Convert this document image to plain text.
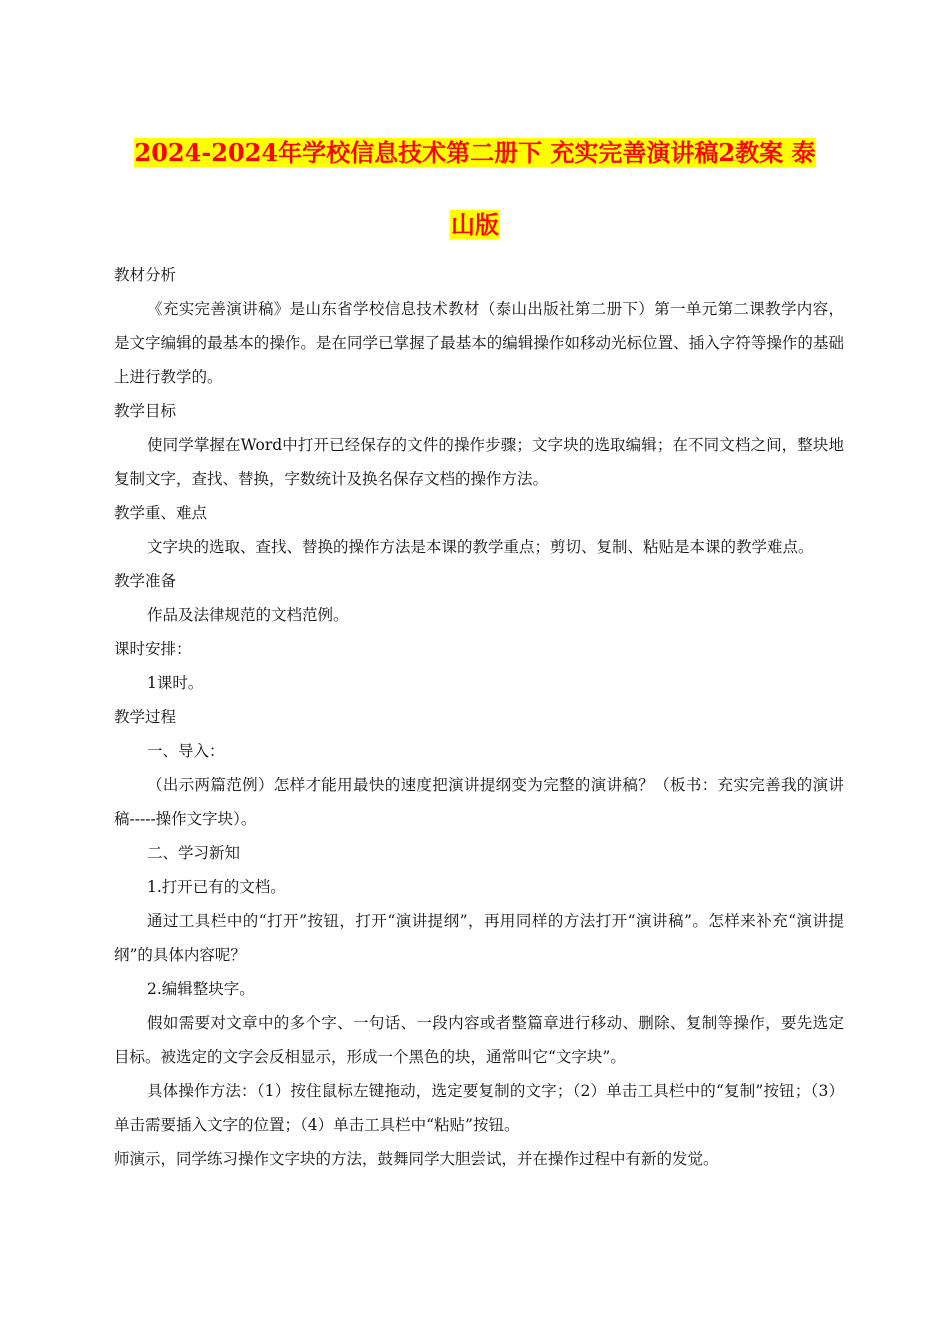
2024-2024年学校信息技术第二册下 充实完善演讲稿2教案 泰
山版

教材分析

《充实完善演讲稿》是山东省学校信息技术教材（泰山出版社第二册下）第一单元第二课教学内容，是文字编辑的最基本的操作。是在同学已掌握了最基本的编辑操作如移动光标位置、插入字符等操作的基础上进行教学的。

教学目标

使同学掌握在Word中打开已经保存的文件的操作步骤；文字块的选取编辑；在不同文档之间，整块地复制文字，查找、替换，字数统计及换名保存文档的操作方法。

教学重、难点

文字块的选取、查找、替换的操作方法是本课的教学重点；剪切、复制、粘贴是本课的教学难点。

教学准备

作品及法律规范的文档范例。

课时安排：

1课时。

教学过程

一、导入：

（出示两篇范例）怎样才能用最快的速度把演讲提纲变为完整的演讲稿？（板书：充实完善我的演讲稿-----操作文字块）。

二、学习新知

1.打开已有的文档。

通过工具栏中的“打开”按钮，打开“演讲提纲”，再用同样的方法打开“演讲稿”。怎样来补充“演讲提纲”的具体内容呢？

2.编辑整块字。

假如需要对文章中的多个字、一句话、一段内容或者整篇章进行移动、删除、复制等操作，要先选定目标。被选定的文字会反相显示，形成一个黑色的块，通常叫它“文字块”。

具体操作方法：（1）按住鼠标左键拖动，选定要复制的文字；（2）单击工具栏中的“复制”按钮；（3）单击需要插入文字的位置；（4）单击工具栏中“粘贴”按钮。

师演示，同学练习操作文字块的方法，鼓舞同学大胆尝试，并在操作过程中有新的发觉。
